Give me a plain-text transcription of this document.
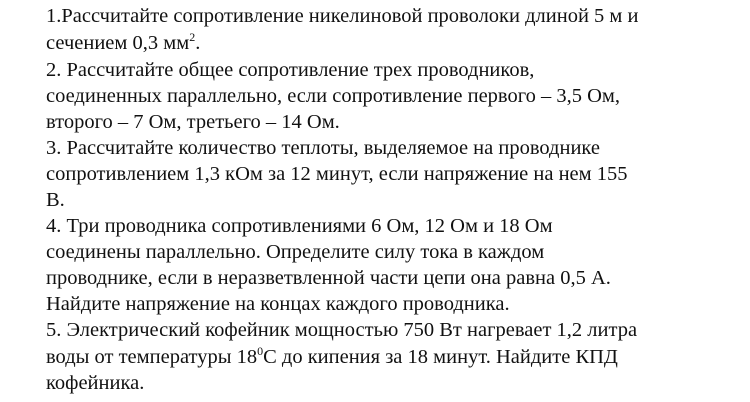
1.Рассчитайте сопротивление никелиновой проволоки длиной 5 м и
сечением 0,3 $мм^2$.
2. Рассчитайте общее сопротивление трех проводников,
соединенных параллельно, если сопротивление первого – 3,5 Ом,
второго – 7 Ом, третьего – 14 Ом.
3. Рассчитайте количество теплоты, выделяемое на проводнике
сопротивлением 1,3 кОм за 12 минут, если напряжение на нем 155
В.
4. Три проводника сопротивлениями 6 Ом, 12 Ом и 18 Ом
соединены параллельно. Определите силу тока в каждом
проводнике, если в неразветвленной части цепи она равна 0,5 А.
Найдите напряжение на концах каждого проводника.
5. Электрический кофейник мощностью 750 Вт нагревает 1,2 литра
воды от температуры $18^0С$ до кипения за 18 минут. Найдите КПД
кофейника.
